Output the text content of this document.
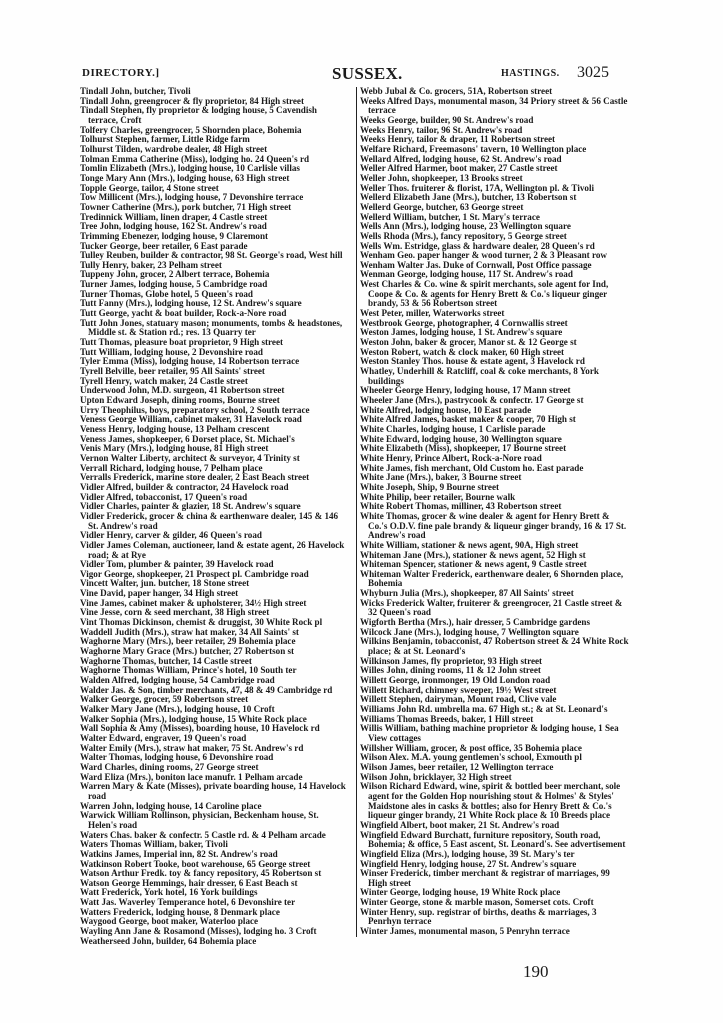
DIRECTORY.]	SUSSEX.	HASTINGS. 3025

Tindall John, butcher, Tivoli

Tindall John, greengrocer & fly proprietor, 84 High street

Tindall Stephen, fly proprietor & lodging house, 5 Cavendish terrace, Croft

Tolfery Charles, greengrocer, 5 Shornden place, Bohemia

Tolhurst Stephen, farmer, Little Ridge farm

Tolhurst Tilden, wardrobe dealer, 48 High street

Tolman Emma Catherine (Miss), lodging ho. 24 Queen's rd

Tomlin Elizabeth (Mrs.), lodging house, 10 Carlisle villas

Tonge Mary Ann (Mrs.), lodging house, 63 High street

Topple George, tailor, 4 Stone street

Tow Millicent (Mrs.), lodging house, 7 Devonshire terrace

Towner Catherine (Mrs.), pork butcher, 71 High street

Tredinnick William, linen draper, 4 Castle street

Tree John, lodging house, 162 St. Andrew's road

Trimming Ebenezer, lodging house, 9 Claremont

Tucker George, beer retailer, 6 East parade

Tulley Reuben, builder & contractor, 98 St. George's road, West hill

Tully Henry, baker, 23 Pelham street

Tuppeny John, grocer, 2 Albert terrace, Bohemia

Turner James, lodging house, 5 Cambridge road

Turner Thomas, Globe hotel, 5 Queen's road

Tutt Fanny (Mrs.), lodging house, 12 St. Andrew's square

Tutt George, yacht & boat builder, Rock-a-Nore road

Tutt John Jones, statuary mason; monuments, tombs & headstones, Middle st. & Station rd.; res. 13 Quarry ter

Tutt Thomas, pleasure boat proprietor, 9 High street

Tutt William, lodging house, 2 Devonshire road

Tyler Emma (Miss), lodging house, 14 Robertson terrace

Tyrell Belville, beer retailer, 95 All Saints' street

Tyrell Henry, watch maker, 24 Castle street

Underwood John, M.D. surgeon, 41 Robertson street

Upton Edward Joseph, dining rooms, Bourne street

Urry Theophilus, boys, preparatory school, 2 South terrace

Veness George William, cabinet maker, 31 Havelock road

Veness Henry, lodging house, 13 Pelham crescent

Veness James, shopkeeper, 6 Dorset place, St. Michael's

Venis Mary (Mrs.), lodging house, 81 High street

Vernon Walter Liberty, architect & surveyor, 4 Trinity st

Verrall Richard, lodging house, 7 Pelham place

Verralls Frederick, marine store dealer, 2 East Beach street

Vidler Alfred, builder & contractor, 24 Havelock road

Vidler Alfred, tobacconist, 17 Queen's road

Vidler Charles, painter & glazier, 18 St. Andrew's square

Vidler Frederick, grocer & china & earthenware dealer, 145 & 146 St. Andrew's road

Vidler Henry, carver & gilder, 46 Queen's road

Vidler James Coleman, auctioneer, land & estate agent, 26 Havelock road; & at Rye

Vidler Tom, plumber & painter, 39 Havelock road

Vigor George, shopkeeper, 21 Prospect pl. Cambridge road

Vincett Walter, jun. butcher, 18 Stone street

Vine David, paper hanger, 34 High street

Vine James, cabinet maker & upholsterer, 34½ High street

Vine Jesse, corn & seed merchant, 38 High street

Vint Thomas Dickinson, chemist & druggist, 30 White Rock pl

Waddell Judith (Mrs.), straw hat maker, 34 All Saints' st

Waghorne Mary (Mrs.), beer retailer, 29 Bohemia place

Waghorne Mary Grace (Mrs.) butcher, 27 Robertson st

Waghorne Thomas, butcher, 14 Castle street

Waghorne Thomas William, Prince's hotel, 10 South ter

Walden Alfred, lodging house, 54 Cambridge road

Walder Jas. & Son, timber merchants, 47, 48 & 49 Cambridge rd

Walker George, grocer, 59 Robertson street

Walker Mary Jane (Mrs.), lodging house, 10 Croft

Walker Sophia (Mrs.), lodging house, 15 White Rock place

Wall Sophia & Amy (Misses), boarding house, 10 Havelock rd

Walter Edward, engraver, 19 Queen's road

Walter Emily (Mrs.), straw hat maker, 75 St. Andrew's rd

Walter Thomas, lodging house, 6 Devonshire road

Ward Charles, dining rooms, 27 George street

Ward Eliza (Mrs.), boniton lace manufr. 1 Pelham arcade

Warren Mary & Kate (Misses), private boarding house, 14 Havelock road

Warren John, lodging house, 14 Caroline place

Warwick William Rollinson, physician, Beckenham house, St. Helen's road

Waters Chas. baker & confectr. 5 Castle rd. & 4 Pelham arcade

Waters Thomas William, baker, Tivoli

Watkins James, Imperial inn, 82 St. Andrew's road

Watkinson Robert Tooke, boot warehouse, 65 George street

Watson Arthur Fredk. toy & fancy repository, 45 Robertson st

Watson George Hemmings, hair dresser, 6 East Beach st

Watt Frederick, York hotel, 16 York buildings

Watt Jas. Waverley Temperance hotel, 6 Devonshire ter

Watters Frederick, lodging house, 8 Denmark place

Waygood George, boot maker, Waterloo place

Wayling Ann Jane & Rosamond (Misses), lodging ho. 3 Croft

Weatherseed John, builder, 64 Bohemia place

Webb Jubal & Co. grocers, 51A, Robertson street

Weeks Alfred Days, monumental mason, 34 Priory street & 56 Castle terrace

Weeks George, builder, 90 St. Andrew's road

Weeks Henry, tailor, 96 St. Andrew's road

Weeks Henry, tailor & draper, 11 Robertson street

Welfare Richard, Freemasons' tavern, 10 Wellington place

Wellard Alfred, lodging house, 62 St. Andrew's road

Weller Alfred Harmer, boot maker, 27 Castle street

Weller John, shopkeeper, 13 Brooks street

Weller Thos. fruiterer & florist, 17A, Wellington pl. & Tivoli

Wellerd Elizabeth Jane (Mrs.), butcher, 13 Robertson st

Wellerd George, butcher, 63 George street

Wellerd William, butcher, 1 St. Mary's terrace

Wells Ann (Mrs.), lodging house, 23 Wellington square

Wells Rhoda (Mrs.), fancy repository, 5 George street

Wells Wm. Estridge, glass & hardware dealer, 28 Queen's rd

Wenham Geo. paper hanger & wood turner, 2 & 3 Pleasant row

Wenham Walter Jas. Duke of Cornwall, Post Office passage

Wenman George, lodging house, 117 St. Andrew's road

West Charles & Co. wine & spirit merchants, sole agent for Ind, Coope & Co. & agents for Henry Brett & Co.'s liqueur ginger brandy, 53 & 56 Robertson street

West Peter, miller, Waterworks street

Westbrook George, photographer, 4 Cornwallis street

Weston James, lodging house, 1 St. Andrew's square

Weston John, baker & grocer, Manor st. & 12 George st

Weston Robert, watch & clock maker, 60 High street

Weston Stanley Thos. house & estate agent, 3 Havelock rd

Whatley, Underhill & Ratcliff, coal & coke merchants, 8 York buildings

Wheeler George Henry, lodging house, 17 Mann street

Wheeler Jane (Mrs.), pastrycook & confectr. 17 George st

White Alfred, lodging house, 10 East parade

White Alfred James, basket maker & cooper, 70 High st

White Charles, lodging house, 1 Carlisle parade

White Edward, lodging house, 30 Wellington square

White Elizabeth (Miss), shopkeeper, 17 Bourne street

White Henry, Prince Albert, Rock-a-Nore road

White James, fish merchant, Old Custom ho. East parade

White Jane (Mrs.), baker, 3 Bourne street

White Joseph, Ship, 9 Bourne street

White Philip, beer retailer, Bourne walk

White Robert Thomas, milliner, 43 Robertson street

White Thomas, grocer & wine dealer & agent for Henry Brett & Co.'s O.D.V. fine pale brandy & liqueur ginger brandy, 16 & 17 St. Andrew's road

White William, stationer & news agent, 90A, High street

Whiteman Jane (Mrs.), stationer & news agent, 52 High st

Whiteman Spencer, stationer & news agent, 9 Castle street

Whiteman Walter Frederick, earthenware dealer, 6 Shornden place, Bohemia

Whyburn Julia (Mrs.), shopkeeper, 87 All Saints' street

Wicks Frederick Walter, fruiterer & greengrocer, 21 Castle street & 32 Queen's road

Wigforth Bertha (Mrs.), hair dresser, 5 Cambridge gardens

Wilcock Jane (Mrs.), lodging house, 7 Wellington square

Wilkins Benjamin, tobacconist, 47 Robertson street & 24 White Rock place; & at St. Leonard's

Wilkinson James, fly proprietor, 93 High street

Willes John, dining rooms, 11 & 12 John street

Willett George, ironmonger, 19 Old London road

Willett Richard, chimney sweeper, 19½ West street

Willett Stephen, dairyman, Mount road, Clive vale

Williams John Rd. umbrella ma. 67 High st.; & at St. Leonard's

Williams Thomas Breeds, baker, 1 Hill street

Willis William, bathing machine proprietor & lodging house, 1 Sea View cottages

Willsher William, grocer, & post office, 35 Bohemia place

Wilson Alex. M.A. young gentlemen's school, Exmouth pl

Wilson James, beer retailer, 12 Wellington terrace

Wilson John, bricklayer, 32 High street

Wilson Richard Edward, wine, spirit & bottled beer merchant, sole agent for the Golden Hop nourishing stout & Holmes' & Styles' Maidstone ales in casks & bottles; also for Henry Brett & Co.'s liqueur ginger brandy, 21 White Rock place & 10 Breeds place

Wingfield Albert, boot maker, 21 St. Andrew's road

Wingfield Edward Burchatt, furniture repository, South road, Bohemia; & office, 5 East ascent, St. Leonard's. See advertisement

Wingfield Eliza (Mrs.), lodging house, 39 St. Mary's ter

Wingfield Henry, lodging house, 27 St. Andrew's square

Winser Frederick, timber merchant & registrar of marriages, 99 High street

Winter George, lodging house, 19 White Rock place

Winter George, stone & marble mason, Somerset cots. Croft

Winter Henry, sup. registrar of births, deaths & marriages, 3 Penrhyn terrace

Winter James, monumental mason, 5 Penryhn terrace

190
